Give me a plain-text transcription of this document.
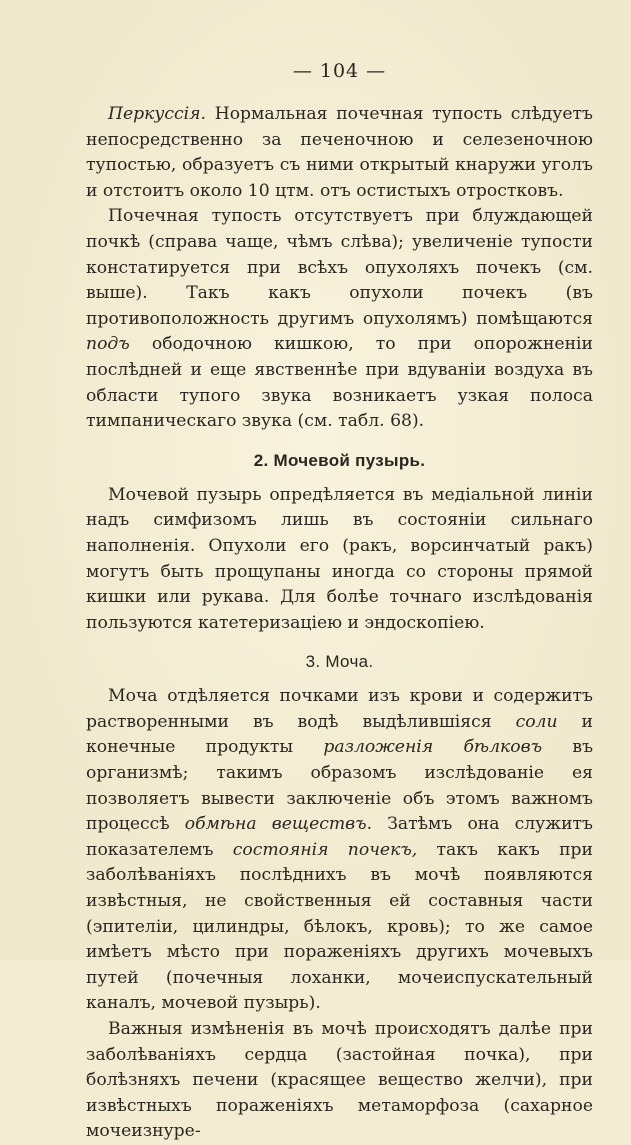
— 104 —

Перкуссія. Нормальная почечная тупость слѣдуетъ непосредственно за печеночною и селезеночною тупостью, образуетъ съ ними открытый кнаружи уголъ и отстоитъ около 10 цтм. отъ остистыхъ отростковъ.

Почечная тупость отсутствуетъ при блуждающей почкѣ (справа чаще, чѣмъ слѣва); увеличеніе тупости констатируется при всѣхъ опухоляхъ почекъ (см. выше). Такъ какъ опухоли почекъ (въ противоположность другимъ опухолямъ) помѣщаются подъ ободочною кишкою, то при опорожненіи послѣдней и еще явственнѣе при вдуваніи воздуха въ области тупого звука возникаетъ узкая полоса тимпаническаго звука (см. табл. 68).

2. Мочевой пузырь.

Мочевой пузырь опредѣляется въ медіальной линіи надъ симфизомъ лишь въ состояніи сильнаго наполненія. Опухоли его (ракъ, ворсинчатый ракъ) могутъ быть прощупаны иногда со стороны прямой кишки или рукава. Для болѣе точнаго изслѣдованія пользуются катетеризаціею и эндоскопіею.

3. Моча.

Моча отдѣляется почками изъ крови и содержитъ растворенными въ водѣ выдѣлившіяся соли и конечные продукты разложенія бѣлковъ въ организмѣ; такимъ образомъ изслѣдованіе ея позволяетъ вывести заключеніе объ этомъ важномъ процессѣ обмѣна веществъ. Затѣмъ она служитъ показателемъ состоянія почекъ, такъ какъ при заболѣваніяхъ послѣднихъ въ мочѣ появляются извѣстныя, не свойственныя ей составныя части (эпителіи, цилиндры, бѣлокъ, кровь); то же самое имѣетъ мѣсто при пораженіяхъ другихъ мочевыхъ путей (почечныя лоханки, мочеиспускательный каналъ, мочевой пузырь).

Важныя измѣненія въ мочѣ происходятъ далѣе при заболѣваніяхъ сердца (застойная почка), при болѣзняхъ печени (красящее вещество желчи), при извѣстныхъ пораженіяхъ метаморфоза (сахарное мочеизнуре-
